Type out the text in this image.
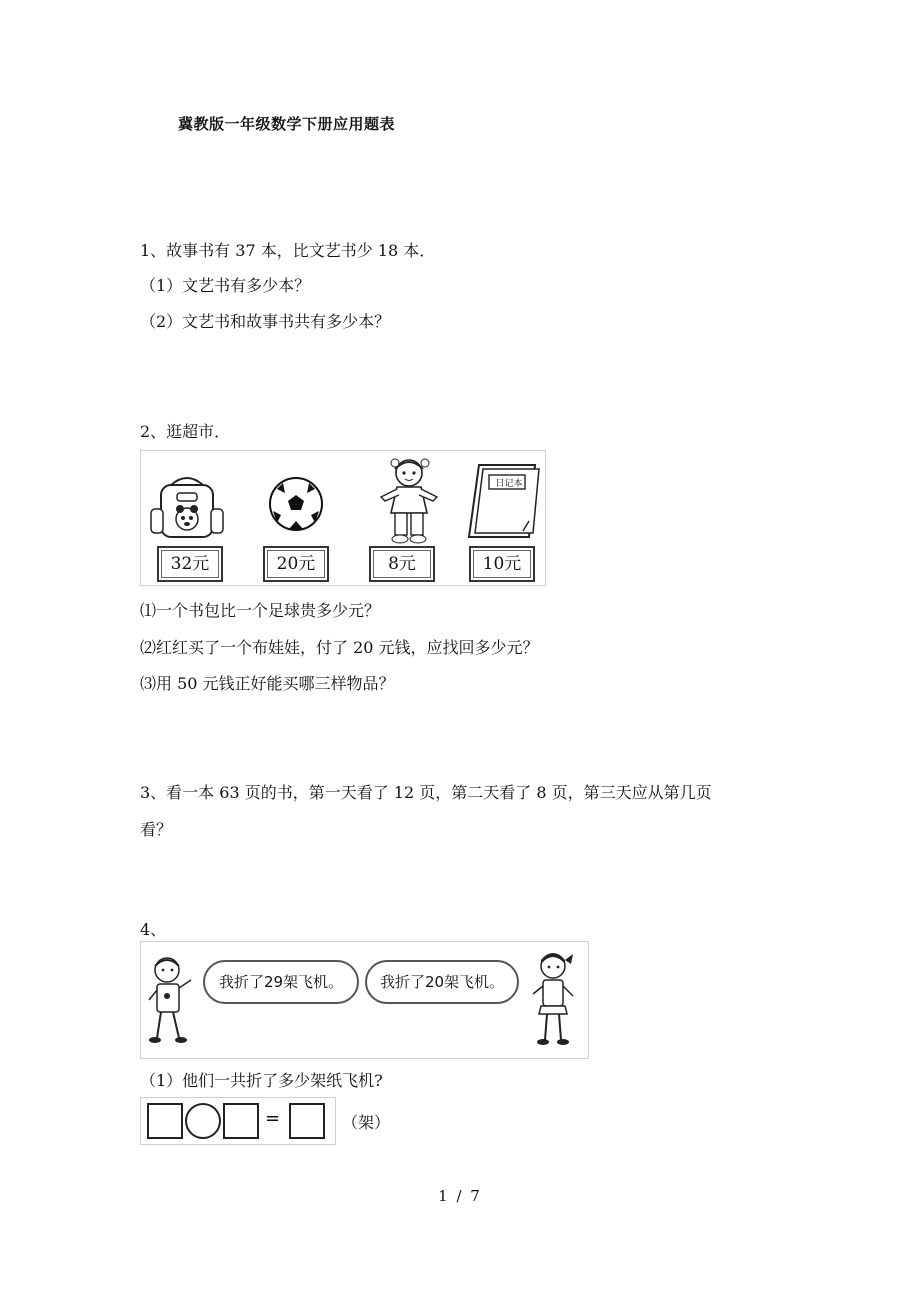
冀教版一年级数学下册应用题表
1、故事书有 37 本，比文艺书少 18 本．
（1）文艺书有多少本？
（2）文艺书和故事书共有多少本？
2、逛超市．
日记本
32元	20元	8元	10元
⑴一个书包比一个足球贵多少元？
⑵红红买了一个布娃娃，付了 20 元钱，应找回多少元？
⑶用 50 元钱正好能买哪三样物品？
3、看一本 63 页的书，第一天看了 12 页，第二天看了 8 页，第三天应从第几页
看？
4、
我折了29架飞机。	我折了20架飞机。
（1）他们一共折了多少架纸飞机?
=	（架）
1 / 7
